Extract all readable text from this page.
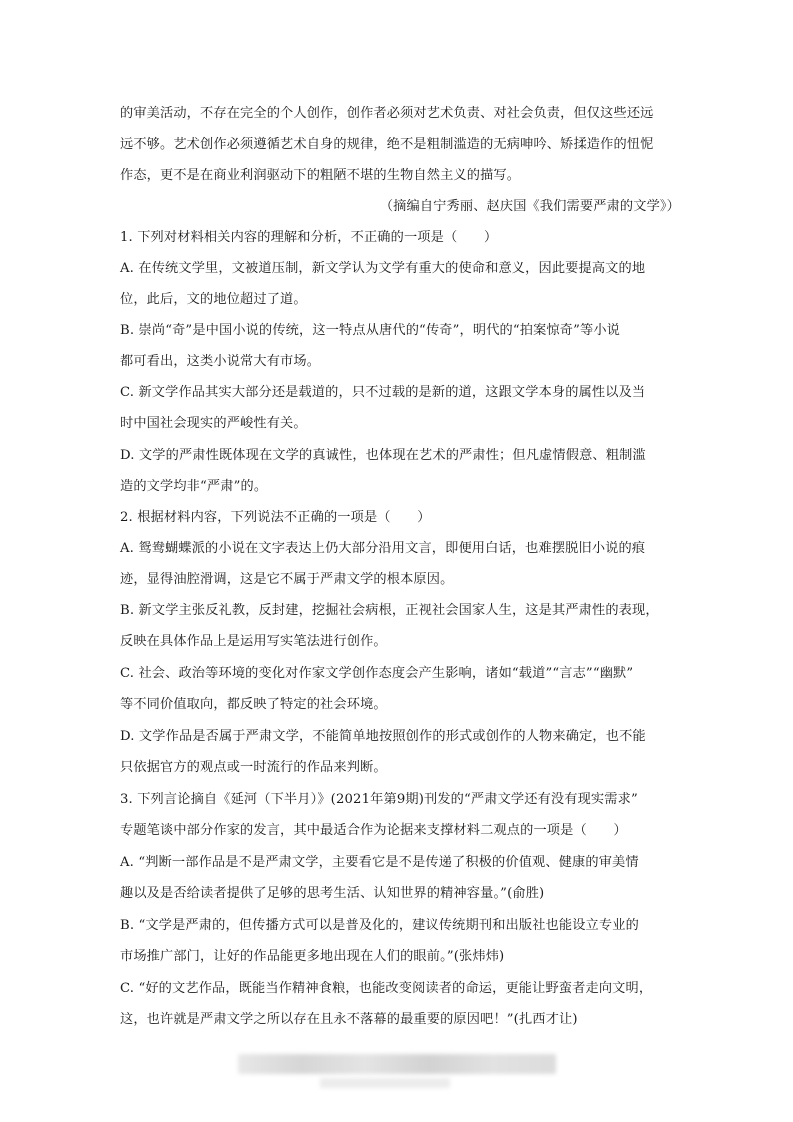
的审美活动，不存在完全的个人创作，创作者必须对艺术负责、对社会负责，但仅这些还远
远不够。艺术创作必须遵循艺术自身的规律，绝不是粗制滥造的无病呻吟、矫揉造作的忸怩
作态，更不是在商业利润驱动下的粗陋不堪的生物自然主义的描写。
（摘编自宁秀丽、赵庆国《我们需要严肃的文学》）
1. 下列对材料相关内容的理解和分析，不正确的一项是（　　）
A. 在传统文学里，文被道压制，新文学认为文学有重大的使命和意义，因此要提高文的地
位，此后，文的地位超过了道。
B. 崇尚“奇”是中国小说的传统，这一特点从唐代的“传奇”，明代的“拍案惊奇”等小说
都可看出，这类小说常大有市场。
C. 新文学作品其实大部分还是载道的，只不过载的是新的道，这跟文学本身的属性以及当
时中国社会现实的严峻性有关。
D. 文学的严肃性既体现在文学的真诚性，也体现在艺术的严肃性；但凡虚情假意、粗制滥
造的文学均非“严肃”的。
2. 根据材料内容，下列说法不正确的一项是（　　）
A. 鸳鸯蝴蝶派的小说在文字表达上仍大部分沿用文言，即便用白话，也难摆脱旧小说的痕
迹，显得油腔滑调，这是它不属于严肃文学的根本原因。
B. 新文学主张反礼教，反封建，挖掘社会病根，正视社会国家人生，这是其严肃性的表现，
反映在具体作品上是运用写实笔法进行创作。
C. 社会、政治等环境的变化对作家文学创作态度会产生影响，诸如“载道”“言志”“幽默”
等不同价值取向，都反映了特定的社会环境。
D. 文学作品是否属于严肃文学，不能简单地按照创作的形式或创作的人物来确定，也不能
只依据官方的观点或一时流行的作品来判断。
3. 下列言论摘自《延河（下半月）》(2021年第9期)刊发的“严肃文学还有没有现实需求”
专题笔谈中部分作家的发言，其中最适合作为论据来支撑材料二观点的一项是（　　）
A. “判断一部作品是不是严肃文学，主要看它是不是传递了积极的价值观、健康的审美情
趣以及是否给读者提供了足够的思考生活、认知世界的精神容量。”(俞胜)
B. “文学是严肃的，但传播方式可以是普及化的，建议传统期刊和出版社也能设立专业的
市场推广部门，让好的作品能更多地出现在人们的眼前。”(张炜炜)
C. “好的文艺作品，既能当作精神食粮，也能改变阅读者的命运，更能让野蛮者走向文明，
这，也许就是严肃文学之所以存在且永不落幕的最重要的原因吧！”(扎西才让)
